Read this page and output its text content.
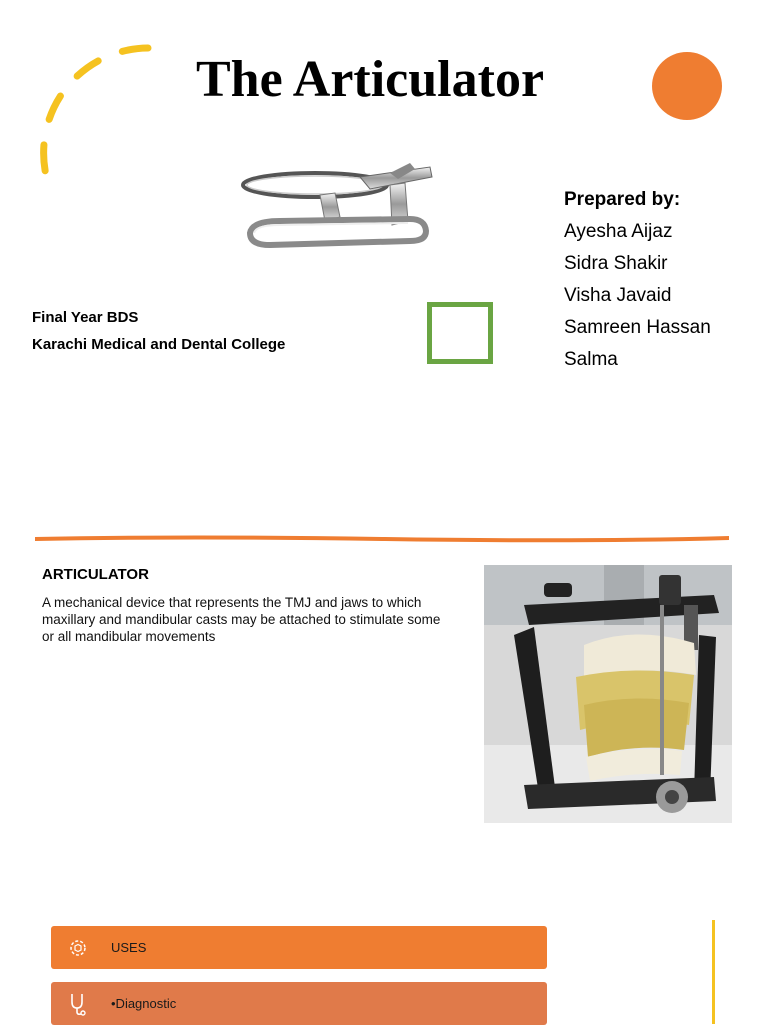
The Articulator
Final Year BDS
Karachi Medical and Dental College
Prepared by:
Ayesha Aijaz
Sidra Shakir
Visha Javaid
Samreen Hassan
Salma
ARTICULATOR
A mechanical device that represents the TMJ and jaws to which maxillary and mandibular casts may be attached to stimulate some or all mandibular movements
USES
•Diagnostic
